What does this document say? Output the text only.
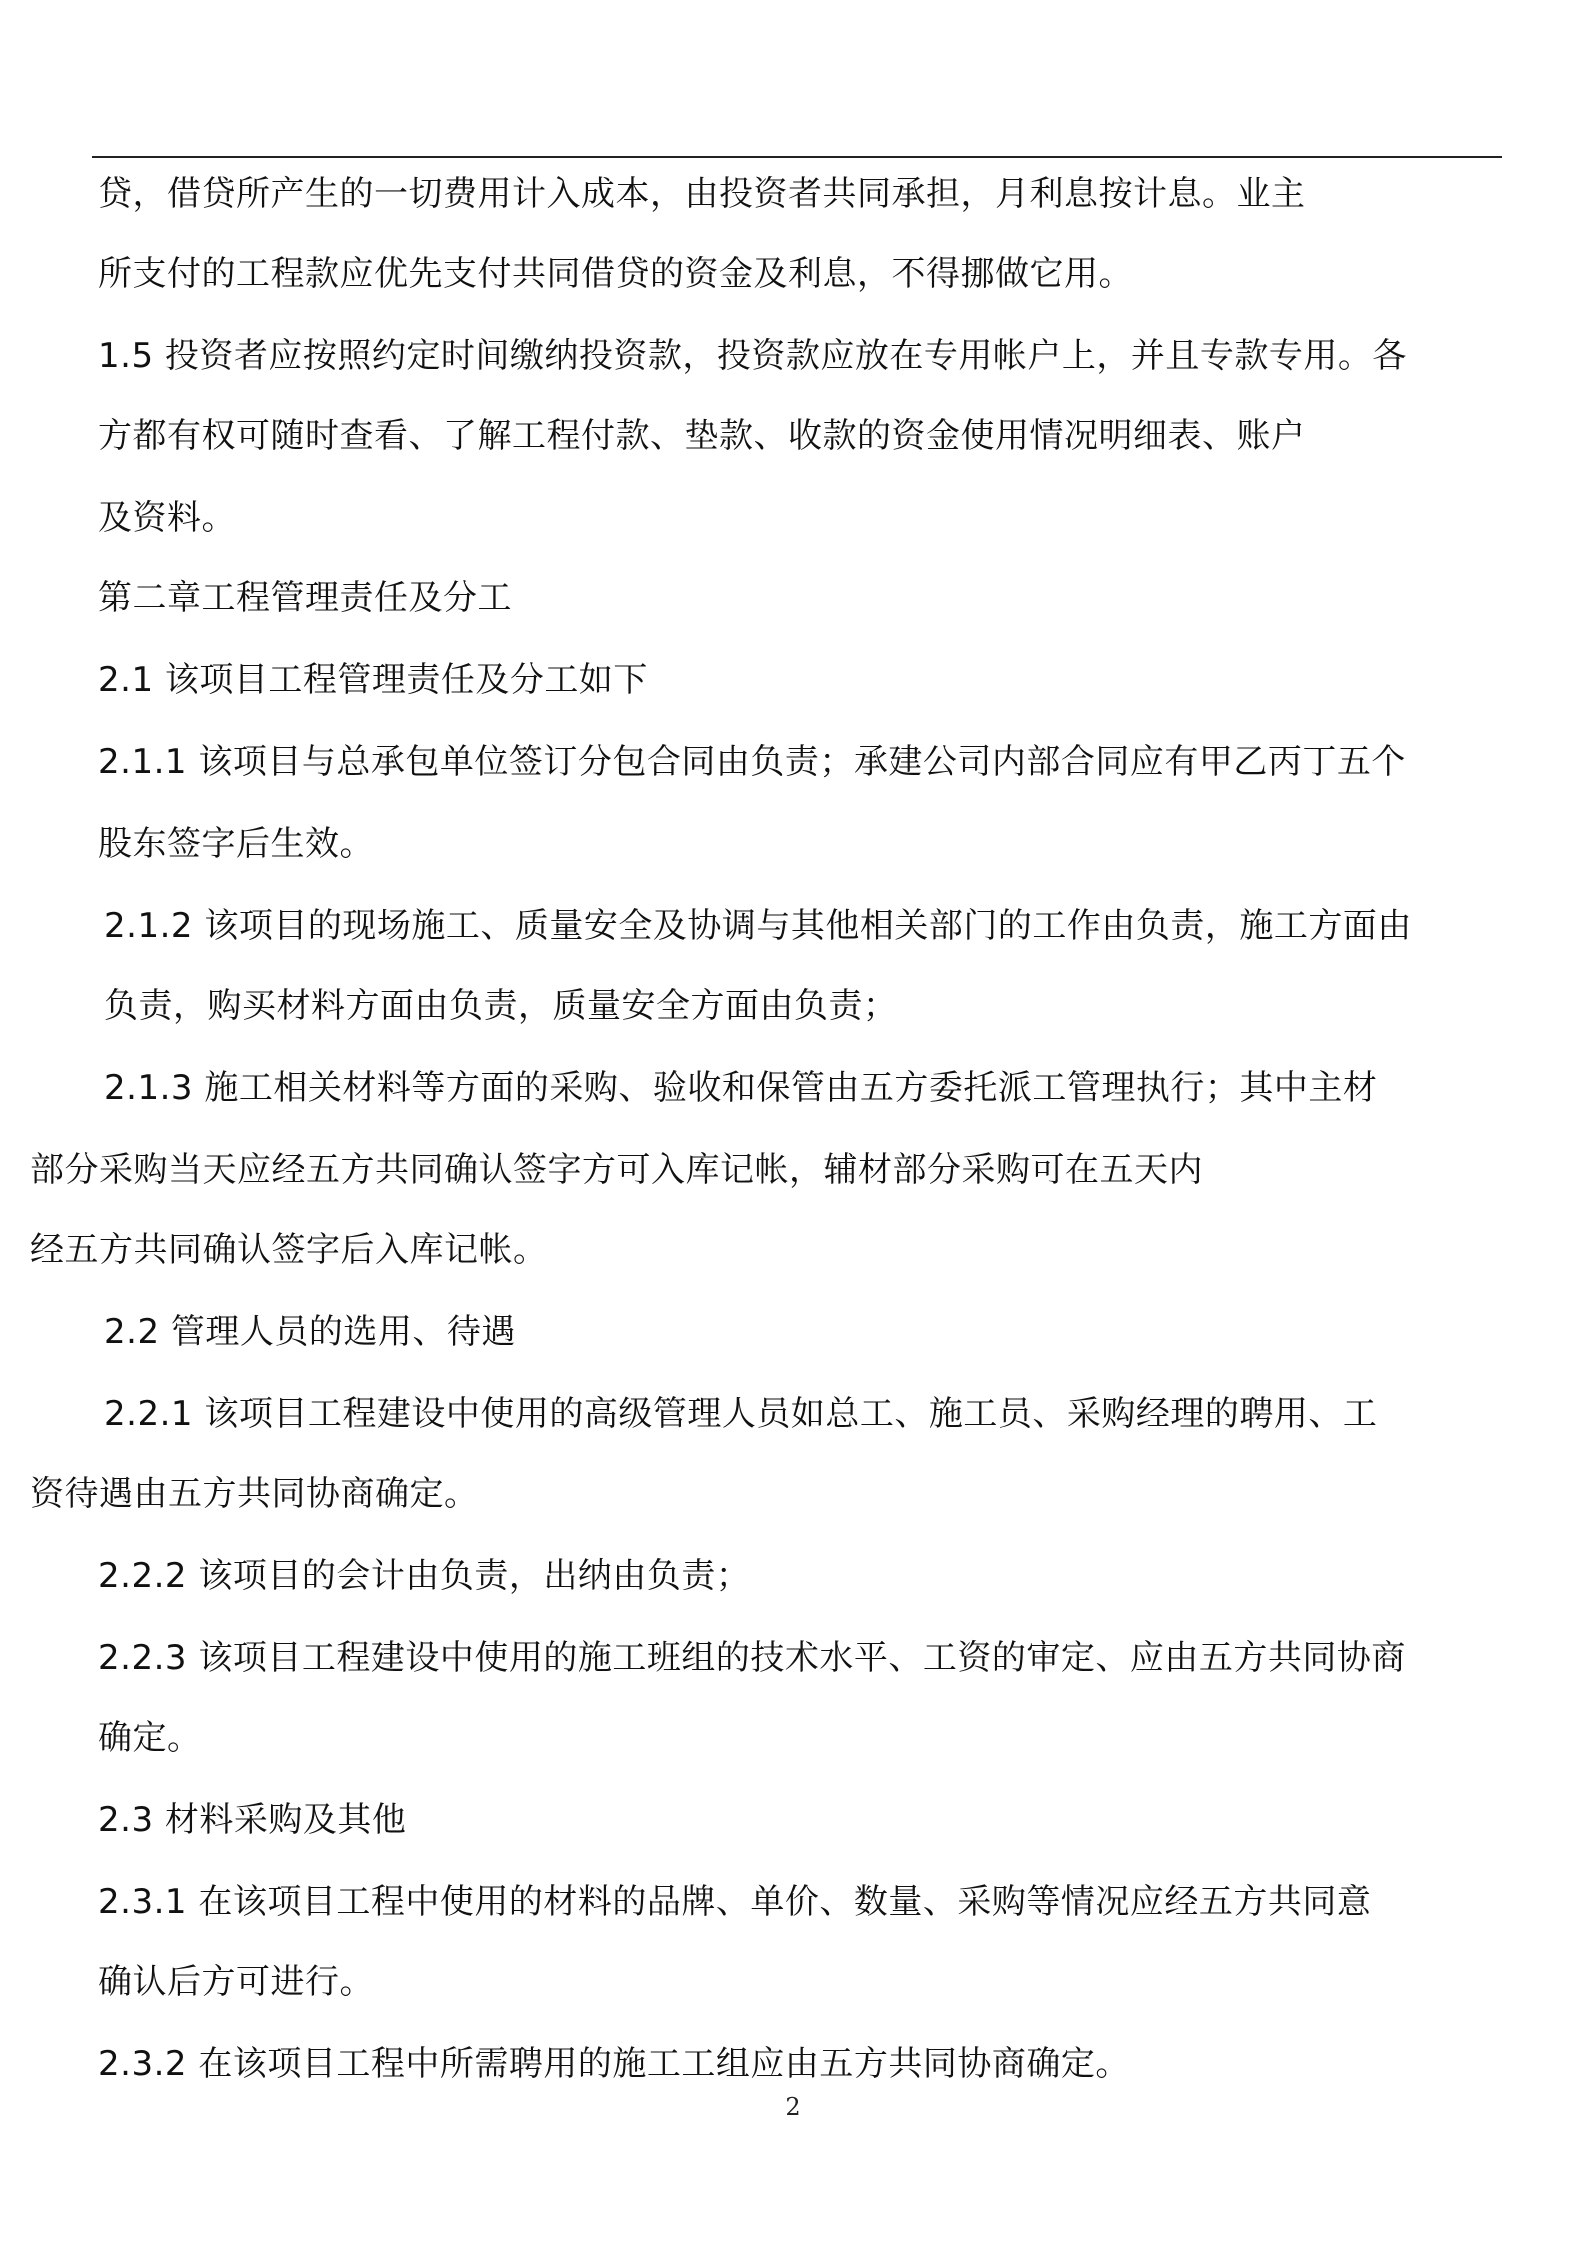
贷，借贷所产生的一切费用计入成本，由投资者共同承担，月利息按计息。业主
所支付的工程款应优先支付共同借贷的资金及利息，不得挪做它用。
1.5 投资者应按照约定时间缴纳投资款，投资款应放在专用帐户上，并且专款专用。各
方都有权可随时查看、了解工程付款、垫款、收款的资金使用情况明细表、账户
及资料。
第二章工程管理责任及分工
2.1 该项目工程管理责任及分工如下
2.1.1 该项目与总承包单位签订分包合同由负责；承建公司内部合同应有甲乙丙丁五个
股东签字后生效。
2.1.2 该项目的现场施工、质量安全及协调与其他相关部门的工作由负责，施工方面由
负责，购买材料方面由负责，质量安全方面由负责；
2.1.3 施工相关材料等方面的采购、验收和保管由五方委托派工管理执行；其中主材
部分采购当天应经五方共同确认签字方可入库记帐，辅材部分采购可在五天内
经五方共同确认签字后入库记帐。
2.2 管理人员的选用、待遇
2.2.1 该项目工程建设中使用的高级管理人员如总工、施工员、采购经理的聘用、工
资待遇由五方共同协商确定。
2.2.2 该项目的会计由负责，出纳由负责；
2.2.3 该项目工程建设中使用的施工班组的技术水平、工资的审定、应由五方共同协商
确定。
2.3 材料采购及其他
2.3.1 在该项目工程中使用的材料的品牌、单价、数量、采购等情况应经五方共同意
确认后方可进行。
2.3.2 在该项目工程中所需聘用的施工工组应由五方共同协商确定。
2
